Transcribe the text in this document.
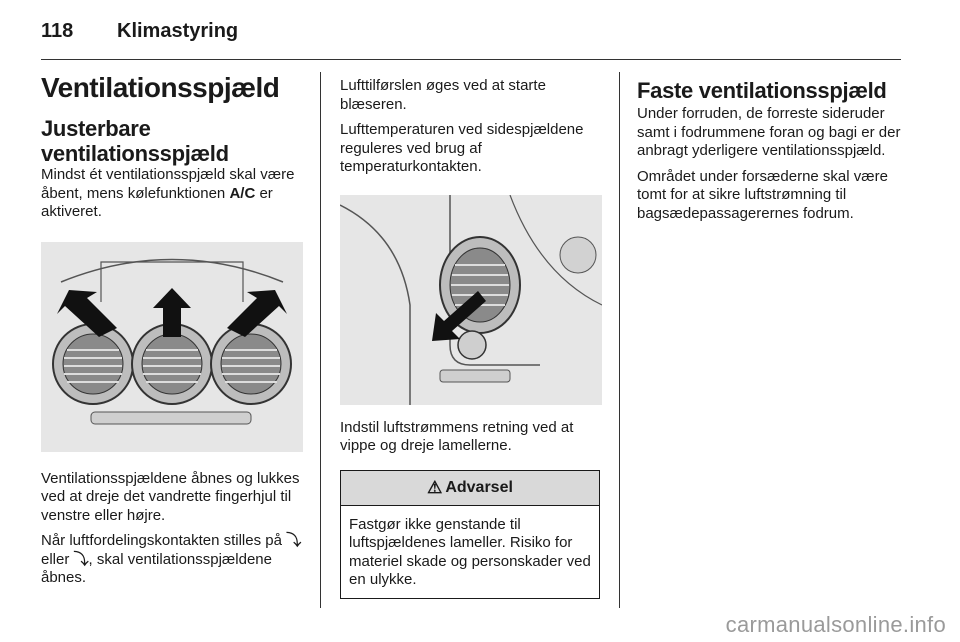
118 Klimastyring
Ventilationsspjæld
Justerbare ventilationsspjæld

Mindst ét ventilationsspjæld skal være åbent, mens kølefunktionen A/C er aktiveret.

Ventilationsspjældene åbnes og lukkes ved at dreje det vandrette fingerhjul til venstre eller højre.

Når luftfordelingskontakten stilles på ⤵ eller ⤵, skal ventilationsspjældene åbnes.

Lufttilførslen øges ved at starte blæseren.

Lufttemperaturen ved sidespjældene reguleres ved brug af temperaturkontakten.

Indstil luftstrømmens retning ved at vippe og dreje lamellerne.

⚠ Advarsel

Fastgør ikke genstande til luftspjældenes lameller. Risiko for materiel skade og personskader ved en ulykke.

Faste ventilationsspjæld

Under forruden, de forreste sideruder samt i fodrummene foran og bagi er der anbragt yderligere ventilationsspjæld.

Området under forsæderne skal være tomt for at sikre luftstrømning til bagsædepassagerernes fodrum.

carmanualsonline.info
